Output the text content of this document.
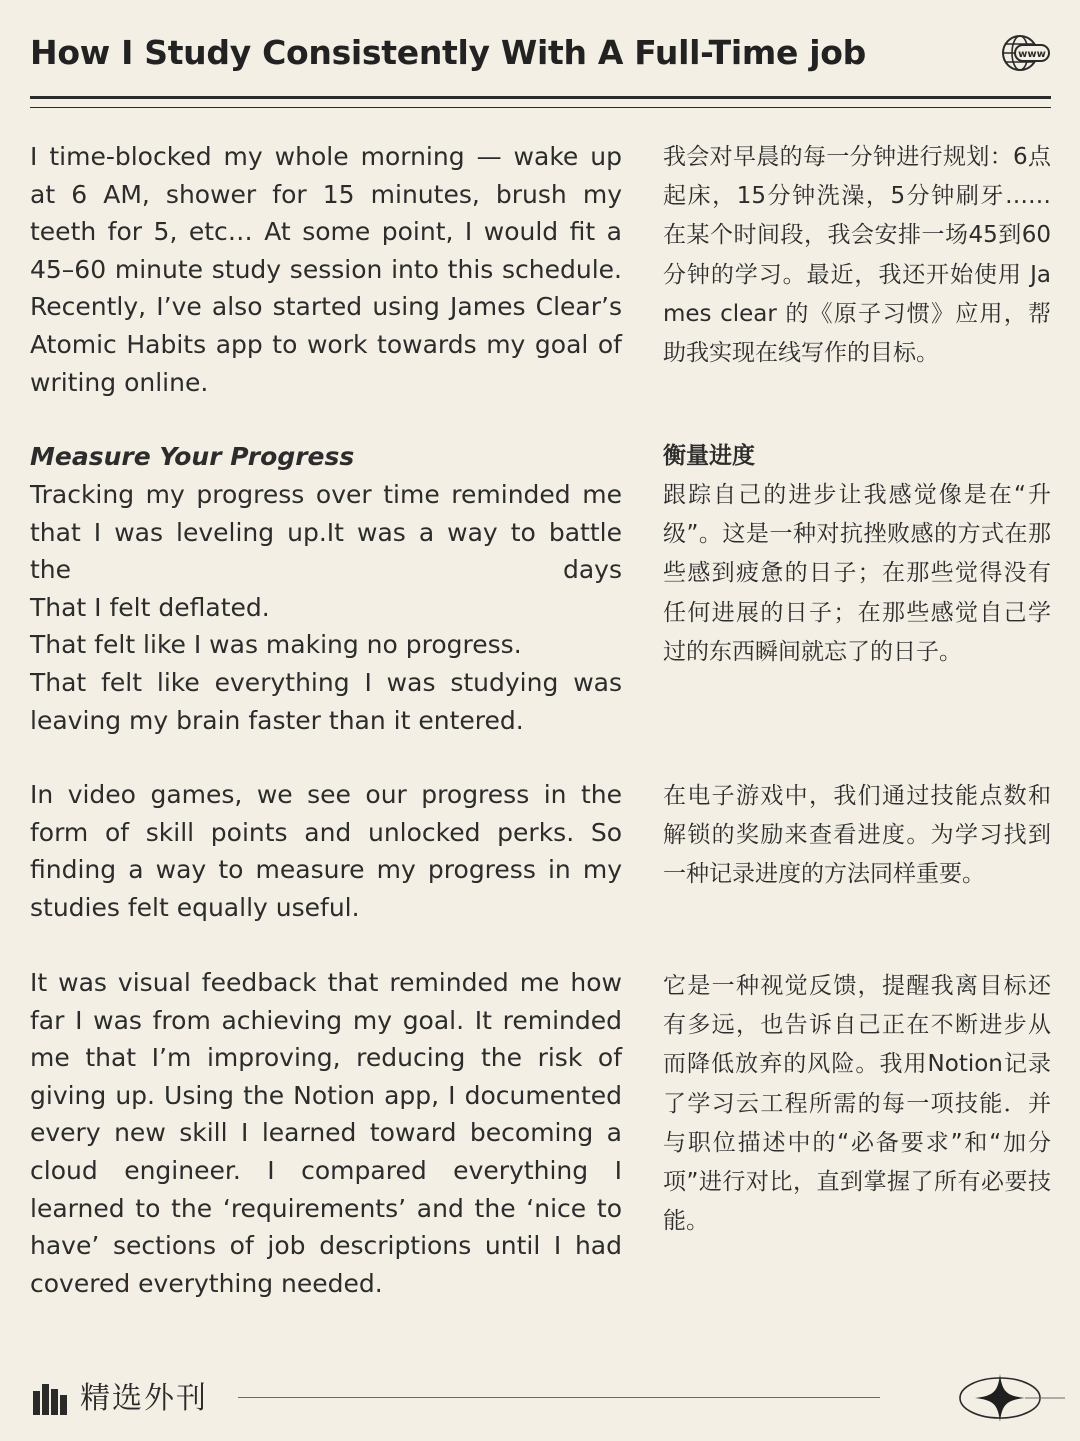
How I Study Consistently With A Full-Time job	www

I time-blocked my whole morning — wake up at 6 AM, shower for 15 minutes, brush my teeth for 5, etc… At some point, I would fit a 45–60 minute study session into this schedule. Recently, I’ve also started using James Clear’s Atomic Habits app to work towards my goal of writing online.

Measure Your Progress
Tracking my progress over time reminded me that I was leveling up.It was a way to battle the days
That I felt deflated.
That felt like I was making no progress.
That felt like everything I was studying was leaving my brain faster than it entered.

In video games, we see our progress in the form of skill points and unlocked perks. So finding a way to measure my progress in my studies felt equally useful.

It was visual feedback that reminded me how far I was from achieving my goal. It reminded me that I’m improving, reducing the risk of giving up. Using the Notion app, I documented every new skill I learned toward becoming a cloud engineer. I compared everything I learned to the ‘requirements’ and the ‘nice to have’ sections of job descriptions until I had covered everything needed.

我会对早晨的每一分钟进行规划：6点起床，15分钟洗澡，5分钟刷牙……在某个时间段，我会安排一场45到60分钟的学习。最近，我还开始使用 James clear 的《原子习惯》应用，帮助我实现在线写作的目标。

衡量进度

跟踪自己的进步让我感觉像是在“升级”。这是一种对抗挫败感的方式在那些感到疲惫的日子；在那些觉得没有任何进展的日子；在那些感觉自己学过的东西瞬间就忘了的日子。

在电子游戏中，我们通过技能点数和解锁的奖励来查看进度。为学习找到一种记录进度的方法同样重要。

它是一种视觉反馈，提醒我离目标还有多远，也告诉自己正在不断进步从而降低放弃的风险。我用Notion记录了学习云工程所需的每一项技能．并与职位描述中的“必备要求”和“加分项”进行对比，直到掌握了所有必要技能。

精选外刊
